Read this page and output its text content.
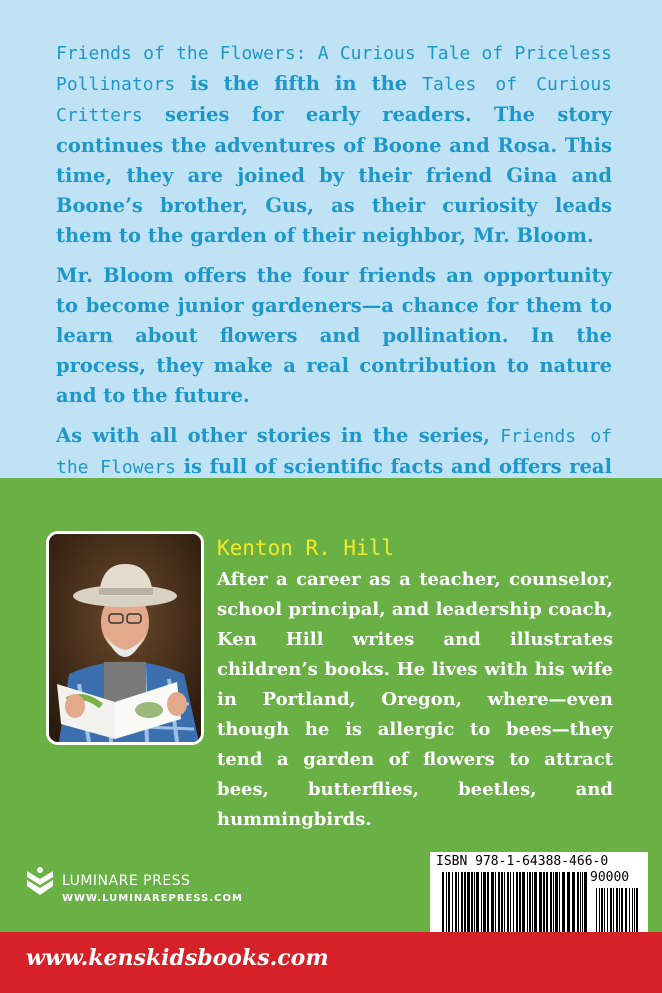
Friends of the Flowers: A Curious Tale of Priceless Pollinators is the fifth in the Tales of Curious Critters series for early readers. The story continues the adventures of Boone and Rosa. This time, they are joined by their friend Gina and Boone’s brother, Gus, as their curiosity leads them to the garden of their neighbor, Mr. Bloom.

Mr. Bloom offers the four friends an opportunity to become junior gardeners—a chance for them to learn about flowers and pollination. In the process, they make a real contribution to nature and to the future.

As with all other stories in the series, Friends of the Flowers is full of scientific facts and offers real

Kenton R. Hill
After a career as a teacher, counselor, school principal, and leadership coach, Ken Hill writes and illustrates children’s books. He lives with his wife in Portland, Oregon, where—even though he is allergic to bees—they tend a garden of flowers to attract bees, butterflies, beetles, and hummingbirds.
LUMINARE PRESS
WWW.LUMINAREPRESS.COM
ISBN 978-1-64388-466-0
90000
www.kenskidsbooks.com
